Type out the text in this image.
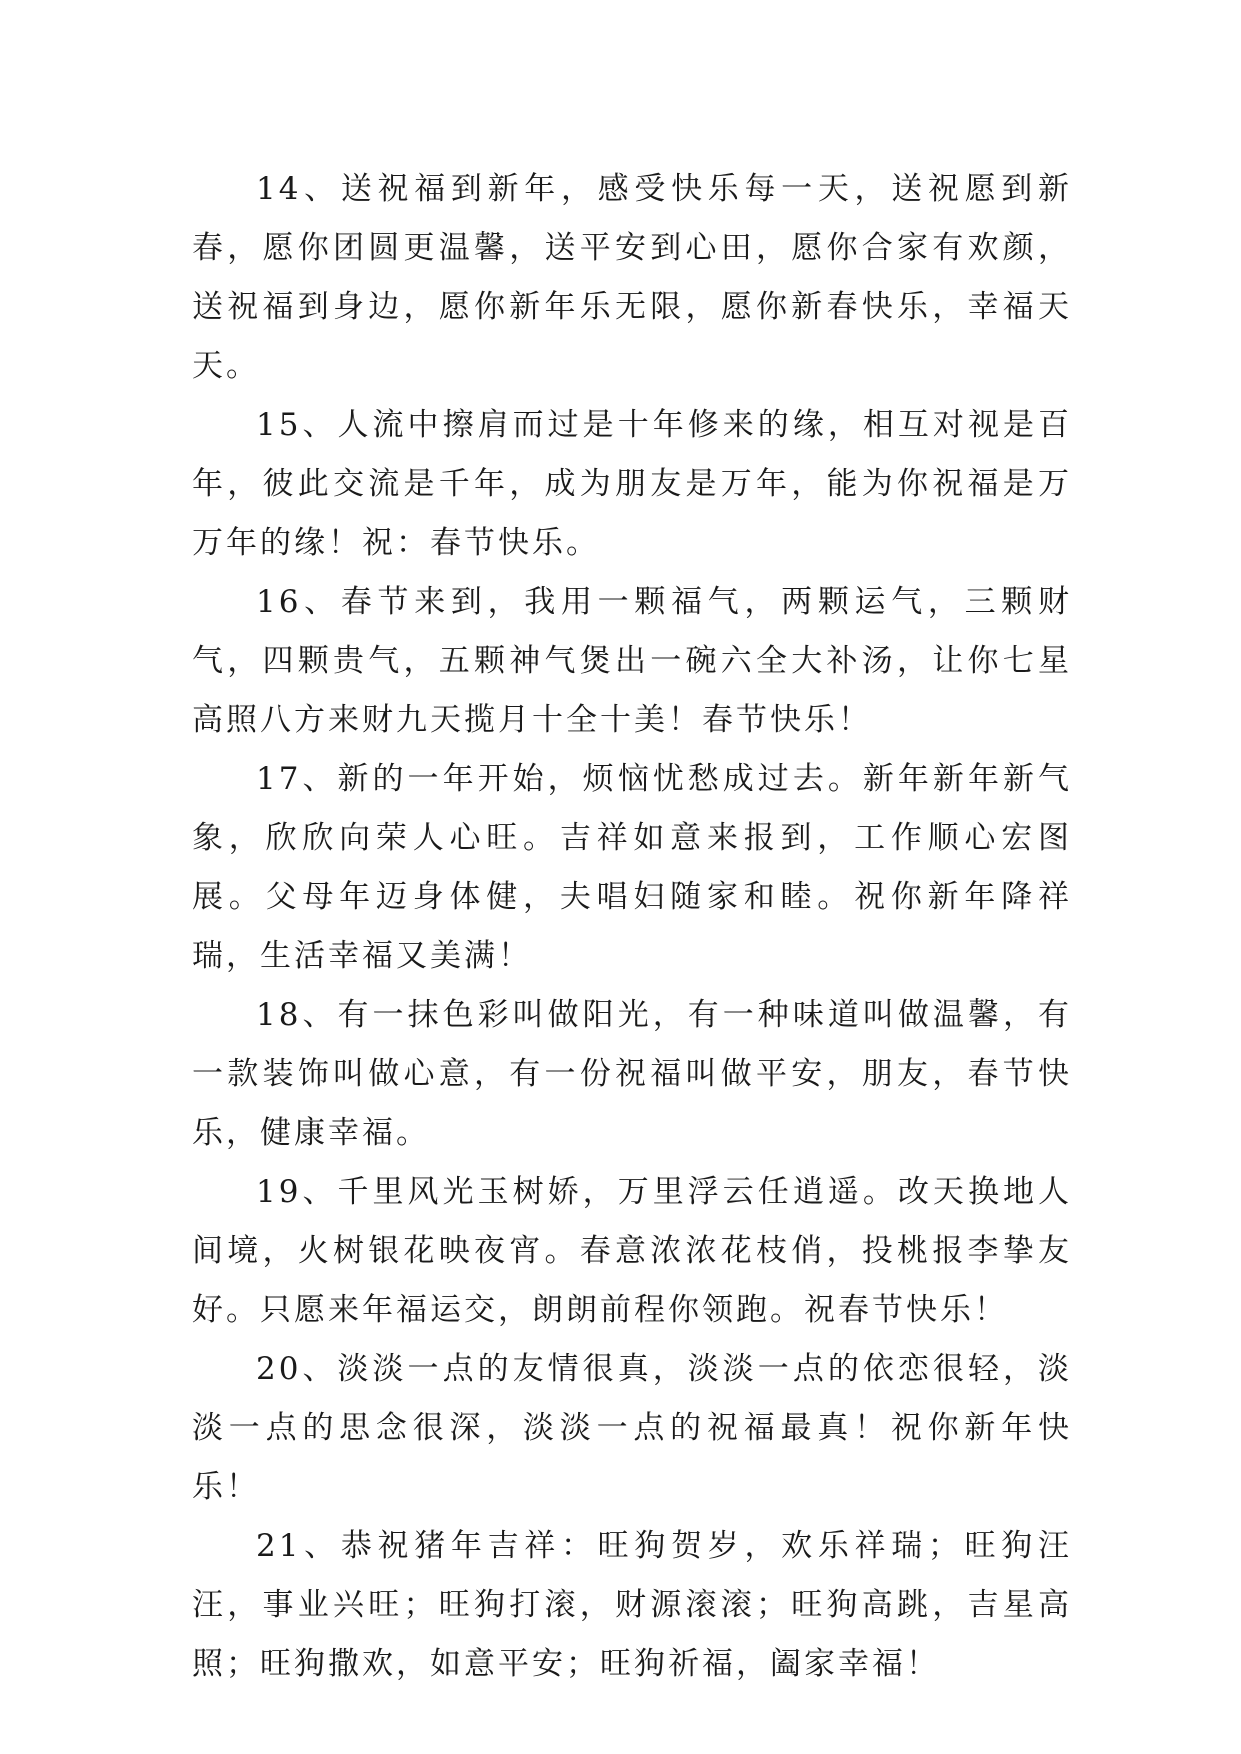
14、送祝福到新年，感受快乐每一天，送祝愿到新春，愿你团圆更温馨，送平安到心田，愿你合家有欢颜，送祝福到身边，愿你新年乐无限，愿你新春快乐，幸福天天。

15、人流中擦肩而过是十年修来的缘，相互对视是百年，彼此交流是千年，成为朋友是万年，能为你祝福是万万年的缘！祝：春节快乐。

16、春节来到，我用一颗福气，两颗运气，三颗财气，四颗贵气，五颗神气煲出一碗六全大补汤，让你七星高照八方来财九天揽月十全十美！春节快乐！

17、新的一年开始，烦恼忧愁成过去。新年新年新气象，欣欣向荣人心旺。吉祥如意来报到，工作顺心宏图展。父母年迈身体健，夫唱妇随家和睦。祝你新年降祥瑞，生活幸福又美满！

18、有一抹色彩叫做阳光，有一种味道叫做温馨，有一款装饰叫做心意，有一份祝福叫做平安，朋友，春节快乐，健康幸福。

19、千里风光玉树娇，万里浮云任逍遥。改天换地人间境，火树银花映夜宵。春意浓浓花枝俏，投桃报李挚友好。只愿来年福运交，朗朗前程你领跑。祝春节快乐！

20、淡淡一点的友情很真，淡淡一点的依恋很轻，淡淡一点的思念很深，淡淡一点的祝福最真！祝你新年快乐！

21、恭祝猪年吉祥：旺狗贺岁，欢乐祥瑞；旺狗汪汪，事业兴旺；旺狗打滚，财源滚滚；旺狗高跳，吉星高照；旺狗撒欢，如意平安；旺狗祈福，阖家幸福！
